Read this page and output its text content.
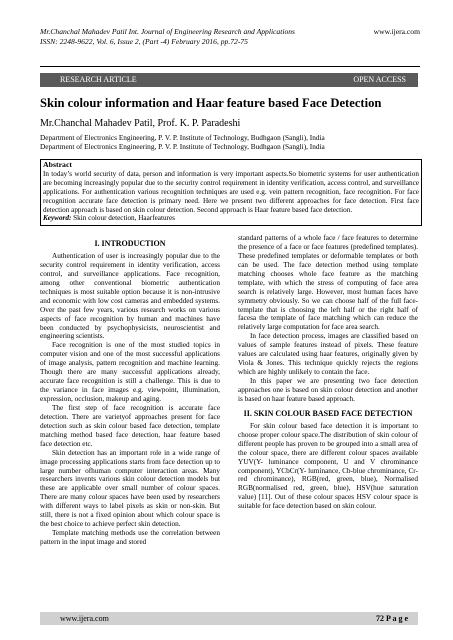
Mr.Chanchal Mahadev Patil Int. Journal of Engineering Research and Applications	www.ijera.com
ISSN: 2248-9622, Vol. 6, Issue 2, (Part -4) February 2016, pp.72-75
RESEARCH ARTICLE	OPEN ACCESS
Skin colour information and Haar feature based Face Detection
Mr.Chanchal Mahadev Patil, Prof. K. P. Paradeshi
Department of Electronics Engineering, P. V. P. Institute of Technology, Budhgaon (Sangli), India
Department of Electronics Engineering, P. V. P. Institute of Technology, Budhgaon (Sangli), India
Abstract
In today’s world security of data, person and information is very important aspects.So biometric systems for user authentication are becoming increasingly popular due to the security control requirement in identity verification, access control, and surveillance applications. For authentication various recognition techniques are used e.g. vein pattern recognition, face recognition. For face recognition accurate face detection is primary need. Here we present two different approaches for face detection. First face detection approach is based on skin colour detection. Second approach is Haar feature based face detection.
Keyword: Skin colour detection, Haarfeatures
I. INTRODUCTION

Authentication of user is increasingly popular due to the security control requirement in identity verification, access control, and surveillance applications. Face recognition, among other conventional biometric authentication techniques is most suitable option because it is non-intrusive and economic with low cost cameras and embedded systems. Over the past few years, various research works on various aspects of face recognition by human and machines have been conducted by psychophysicists, neuroscientist and engineering scientists.

Face recognition is one of the most studied topics in computer vision and one of the most successful applications of image analysis, pattern recognition and machine learning. Though there are many successful applications already, accurate face recognition is still a challenge. This is due to the variance in face images e.g. viewpoint, illumination, expression, occlusion, makeup and aging.

The first step of face recognition is accurate face detection. There are varietyof approaches present for face detection such as skin colour based face detection, template matching method based face detection, haar feature based face detection etc.

Skin detection has an important role in a wide range of image processing applications starts from face detection up to large number ofhuman computer interaction areas. Many researchers invents various skin colour detection models but these are applicable over small number of colour spaces. There are many colour spaces have been used by researchers with different ways to label pixels as skin or non-skin. But still, there is not a fixed opinion about which colour space is the best choice to achieve perfect skin detection.

Template matching methods use the correlation between pattern in the input image and stored

standard patterns of a whole face / face features to determine the presence of a face or face features (predefined templates). These predefined templates or deformable templates or both can be used. The face detection method using template matching chooses whole face feature as the matching template, with which the stress of computing of face area search is relatively large. However, most human faces have symmetry obviously. So we can choose half of the full face-template that is choosing the left half or the right half of facesa the template of face matching which can reduce the relatively large computation for face area search.

In face detection process, images are classified based on values of sample features instead of pixels. These feature values are calculated using haar features, originally given by Viola & Jones. This technique quickly rejects the regions which are highly unlikely to contain the face.

In this paper we are presenting two face detection approaches one is based on skin colour detection and another is based on haar feature based approach.

II. SKIN COLOUR BASED FACE DETECTION

For skin colour based face detection it is important to choose proper colour space.The distribution of skin colour of different people has proven to be grouped into a small area of the colour space, there are different colour spaces available YUV(Y- luminance component, U and V chrominance component), YCbCr(Y- luminance, Cb-blue chrominance, Cr-red chrominance), RGB(red, green, blue), Normalised RGB(normalised red, green, blue), HSV(hue saturation value) [11]. Out of these colour spaces HSV colour space is suitable for face detection based on skin colour.

www.ijera.com	72 P a g e
